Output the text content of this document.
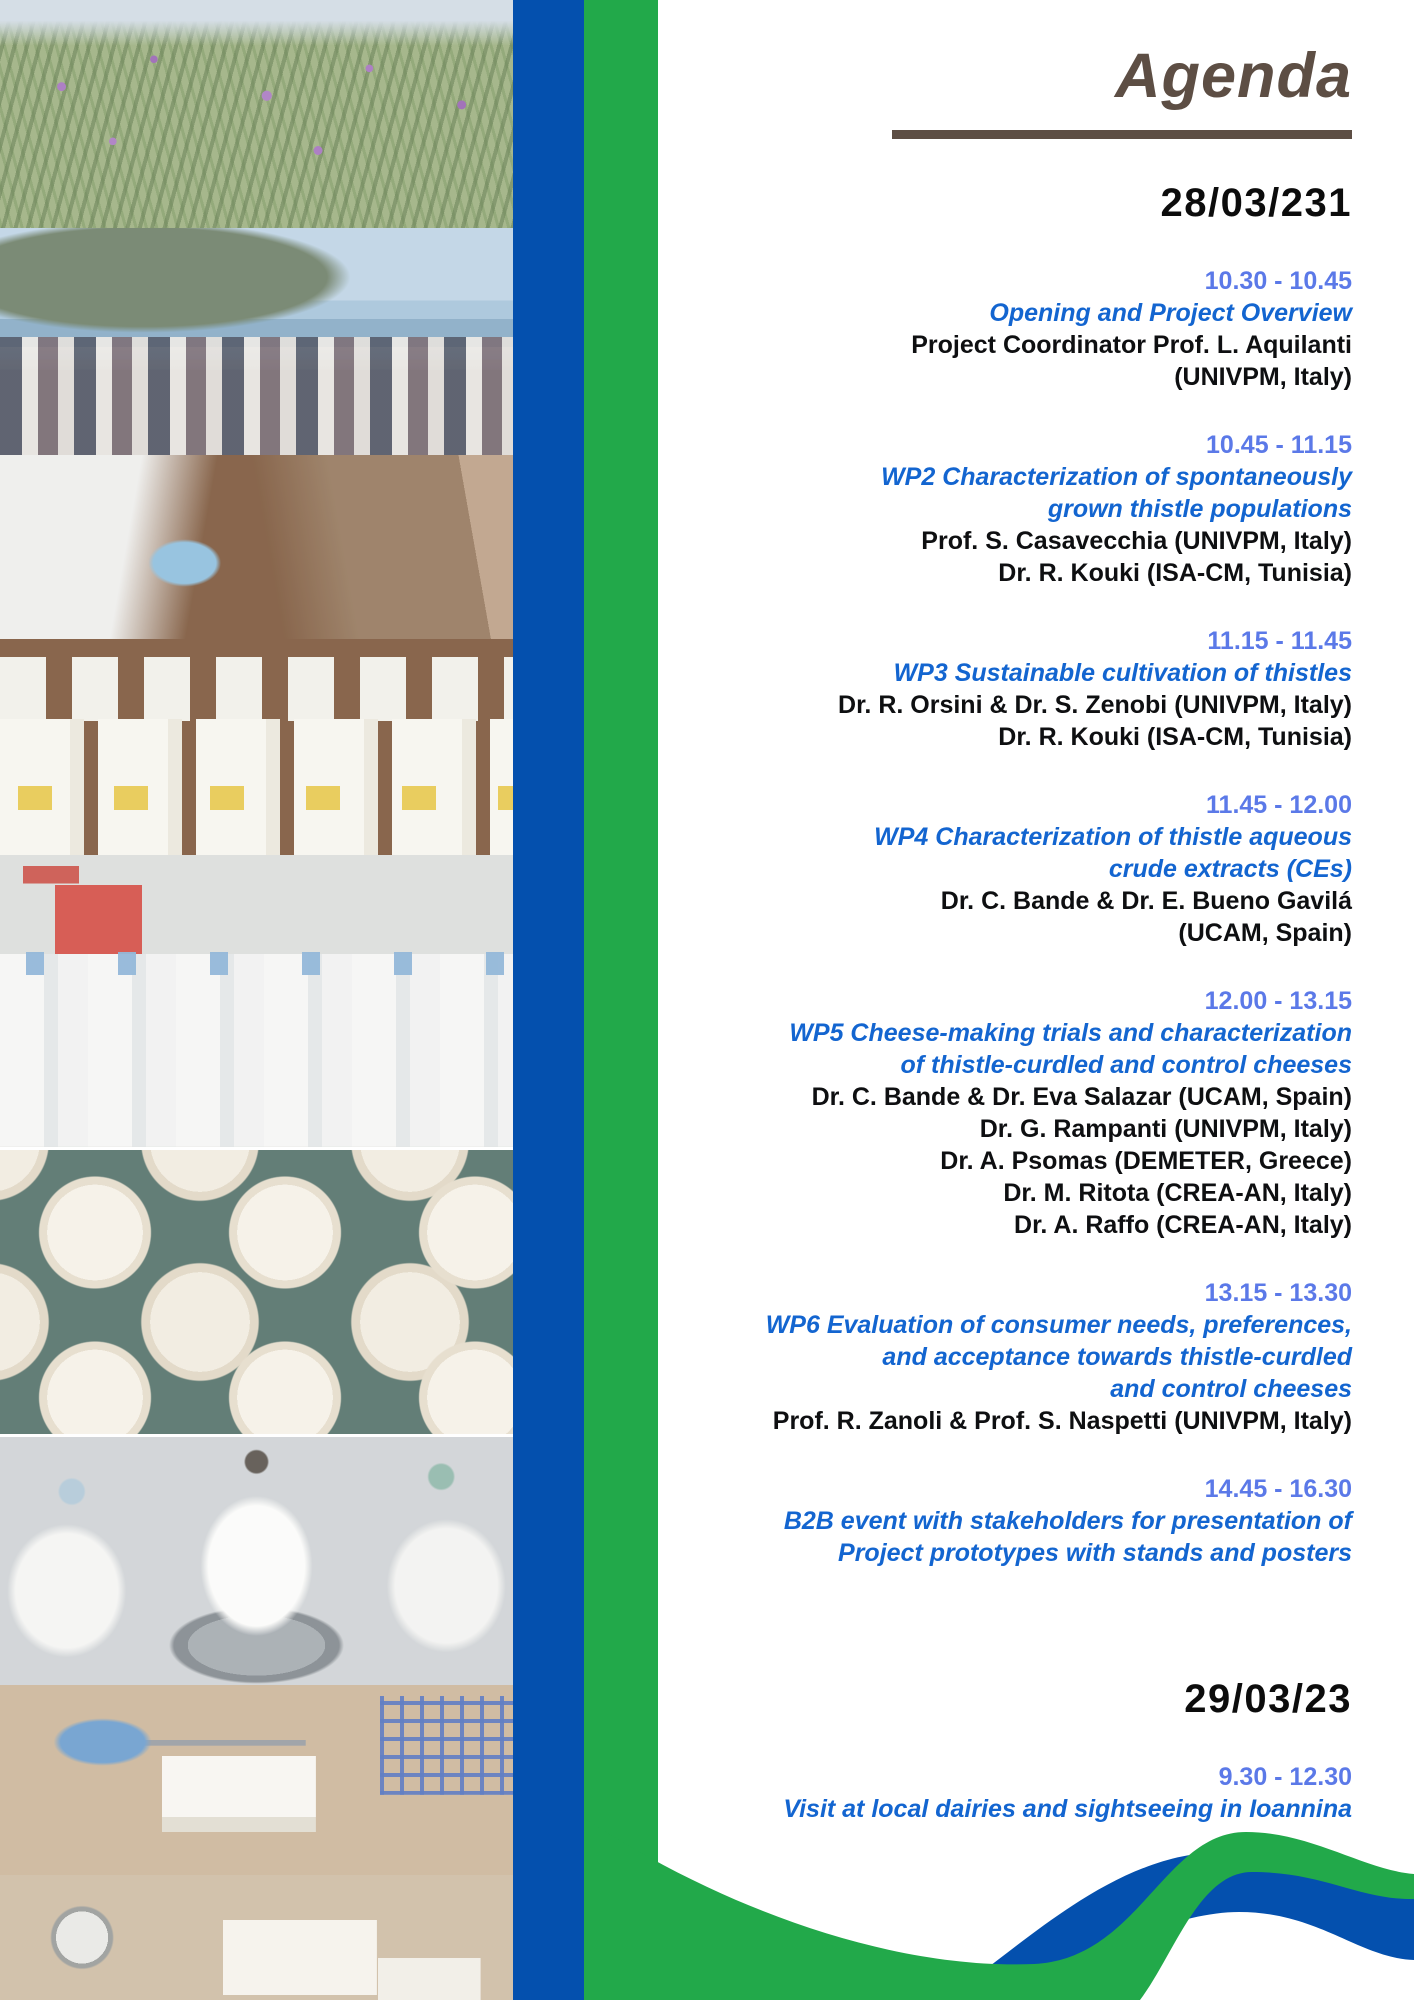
Agenda
28/03/231
10.30 - 10.45
Opening and Project Overview
Project Coordinator Prof. L. Aquilanti
(UNIVPM, Italy)
10.45 - 11.15
WP2 Characterization of spontaneously
grown thistle populations
Prof. S. Casavecchia (UNIVPM, Italy)
Dr. R. Kouki (ISA-CM, Tunisia)
11.15 - 11.45
WP3 Sustainable cultivation of thistles
Dr. R. Orsini & Dr. S. Zenobi (UNIVPM, Italy)
Dr. R. Kouki (ISA-CM, Tunisia)
11.45 - 12.00
WP4 Characterization of thistle aqueous
crude extracts (CEs)
Dr. C. Bande & Dr. E. Bueno Gavilá
(UCAM, Spain)
12.00 - 13.15
WP5 Cheese-making trials and characterization
of thistle-curdled and control cheeses
Dr. C. Bande & Dr. Eva Salazar (UCAM, Spain)
Dr. G. Rampanti (UNIVPM, Italy)
Dr. A. Psomas (DEMETER, Greece)
Dr. M. Ritota (CREA-AN, Italy)
Dr. A. Raffo (CREA-AN, Italy)
13.15 - 13.30
WP6 Evaluation of consumer needs, preferences,
and acceptance towards thistle-curdled
and control cheeses
Prof. R. Zanoli & Prof. S. Naspetti (UNIVPM, Italy)
14.45 - 16.30
B2B event with stakeholders for presentation of
Project prototypes with stands and posters
29/03/23
9.30 - 12.30
Visit at local dairies and sightseeing in Ioannina
